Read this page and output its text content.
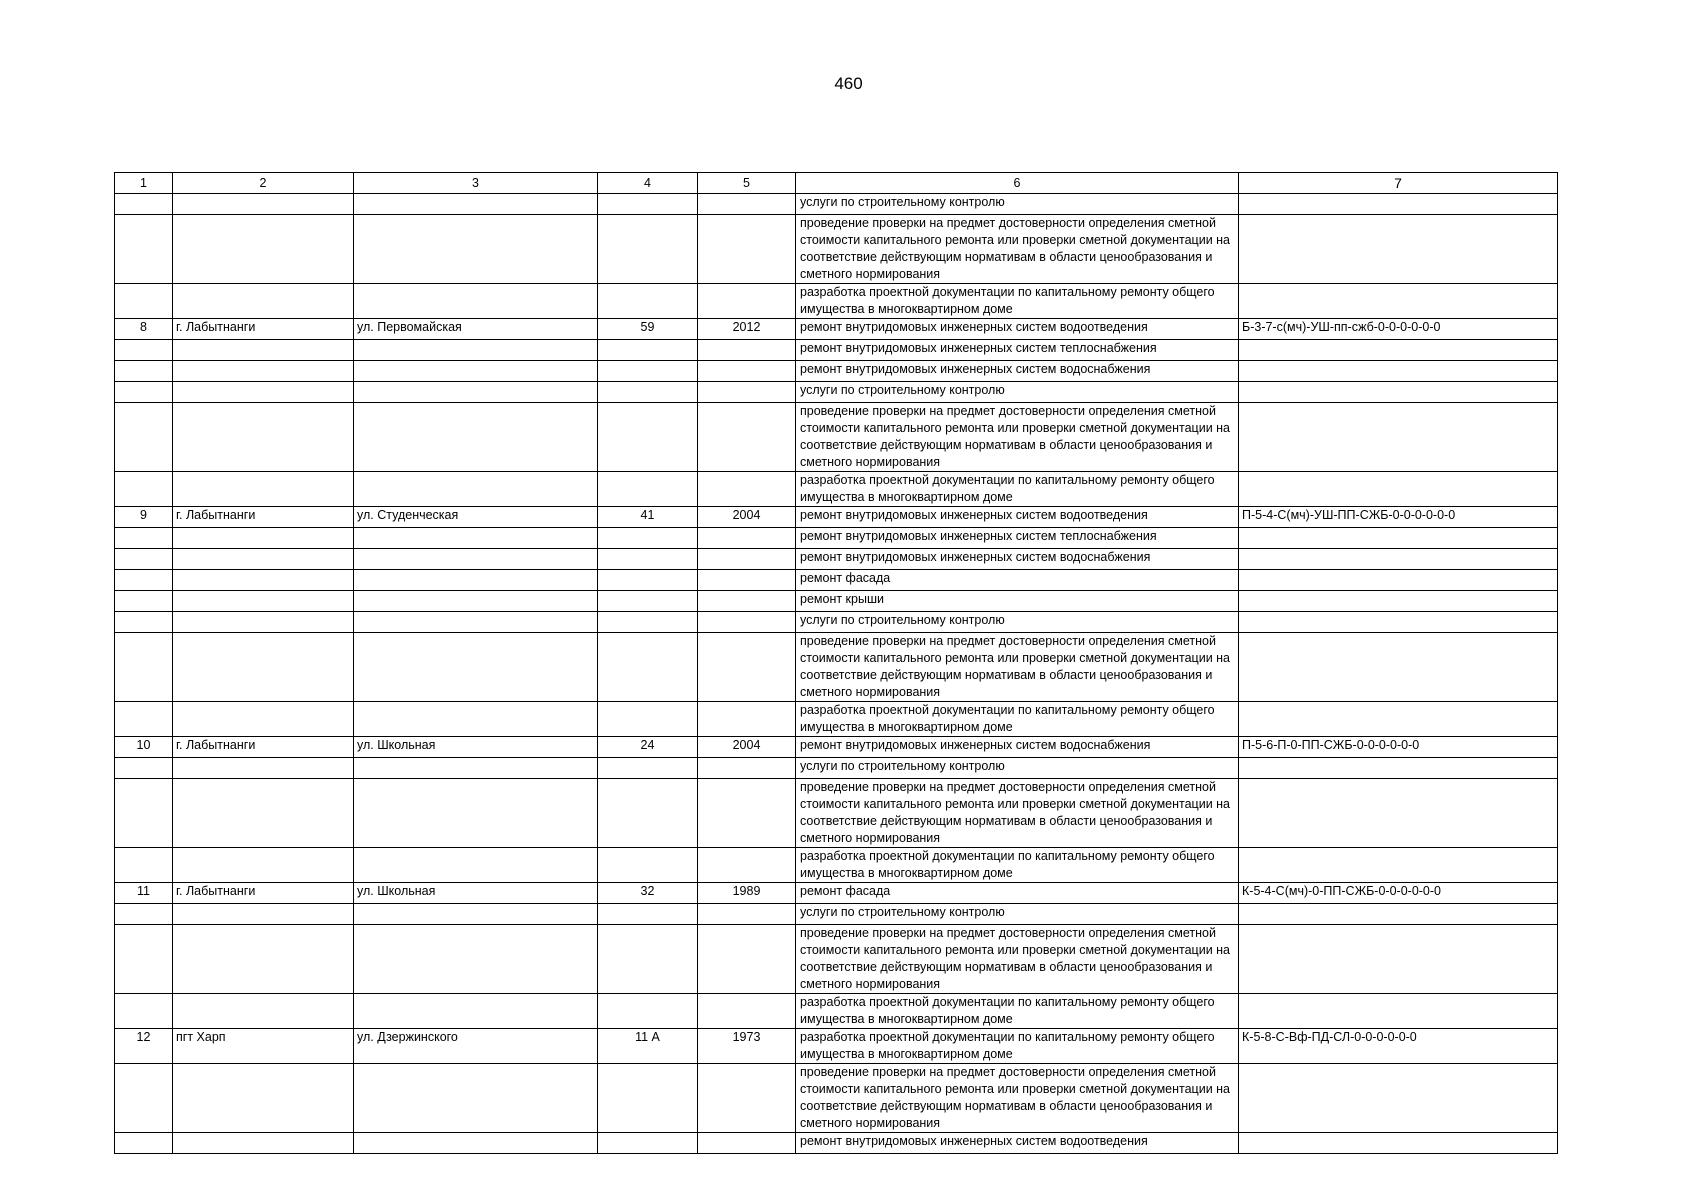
460
1	2	3	4	5	6	7
					услуги по строительному контролю	
					проведение проверки на предмет достоверности определения сметной стоимости капитального ремонта или проверки сметной документации на соответствие действующим нормативам в области ценообразования и сметного нормирования	
					разработка проектной документации по капитальному ремонту общего имущества в многоквартирном доме	
8	г. Лабытнанги	ул. Первомайская	59	2012	ремонт внутридомовых инженерных систем водоотведения	Б-3-7-с(мч)-УШ-пп-сжб-0-0-0-0-0-0
					ремонт внутридомовых инженерных систем теплоснабжения	
					ремонт внутридомовых инженерных систем водоснабжения	
					услуги по строительному контролю	
					проведение проверки на предмет достоверности определения сметной стоимости капитального ремонта или проверки сметной документации на соответствие действующим нормативам в области ценообразования и сметного нормирования	
					разработка проектной документации по капитальному ремонту общего имущества в многоквартирном доме	
9	г. Лабытнанги	ул. Студенческая	41	2004	ремонт внутридомовых инженерных систем водоотведения	П-5-4-С(мч)-УШ-ПП-СЖБ-0-0-0-0-0-0
					ремонт внутридомовых инженерных систем теплоснабжения	
					ремонт внутридомовых инженерных систем водоснабжения	
					ремонт фасада	
					ремонт крыши	
					услуги по строительному контролю	
					проведение проверки на предмет достоверности определения сметной стоимости капитального ремонта или проверки сметной документации на соответствие действующим нормативам в области ценообразования и сметного нормирования	
					разработка проектной документации по капитальному ремонту общего имущества в многоквартирном доме	
10	г. Лабытнанги	ул. Школьная	24	2004	ремонт внутридомовых инженерных систем водоснабжения	П-5-6-П-0-ПП-СЖБ-0-0-0-0-0-0
					услуги по строительному контролю	
					проведение проверки на предмет достоверности определения сметной стоимости капитального ремонта или проверки сметной документации на соответствие действующим нормативам в области ценообразования и сметного нормирования	
					разработка проектной документации по капитальному ремонту общего имущества в многоквартирном доме	
11	г. Лабытнанги	ул. Школьная	32	1989	ремонт фасада	К-5-4-С(мч)-0-ПП-СЖБ-0-0-0-0-0-0
					услуги по строительному контролю	
					проведение проверки на предмет достоверности определения сметной стоимости капитального ремонта или проверки сметной документации на соответствие действующим нормативам в области ценообразования и сметного нормирования	
					разработка проектной документации по капитальному ремонту общего имущества в многоквартирном доме	
12	пгт Харп	ул. Дзержинского	11 А	1973	разработка проектной документации по капитальному ремонту общего имущества в многоквартирном доме	К-5-8-С-Вф-ПД-СЛ-0-0-0-0-0-0
					проведение проверки на предмет достоверности определения сметной стоимости капитального ремонта или проверки сметной документации на соответствие действующим нормативам в области ценообразования и сметного нормирования	
					ремонт внутридомовых инженерных систем водоотведения	
